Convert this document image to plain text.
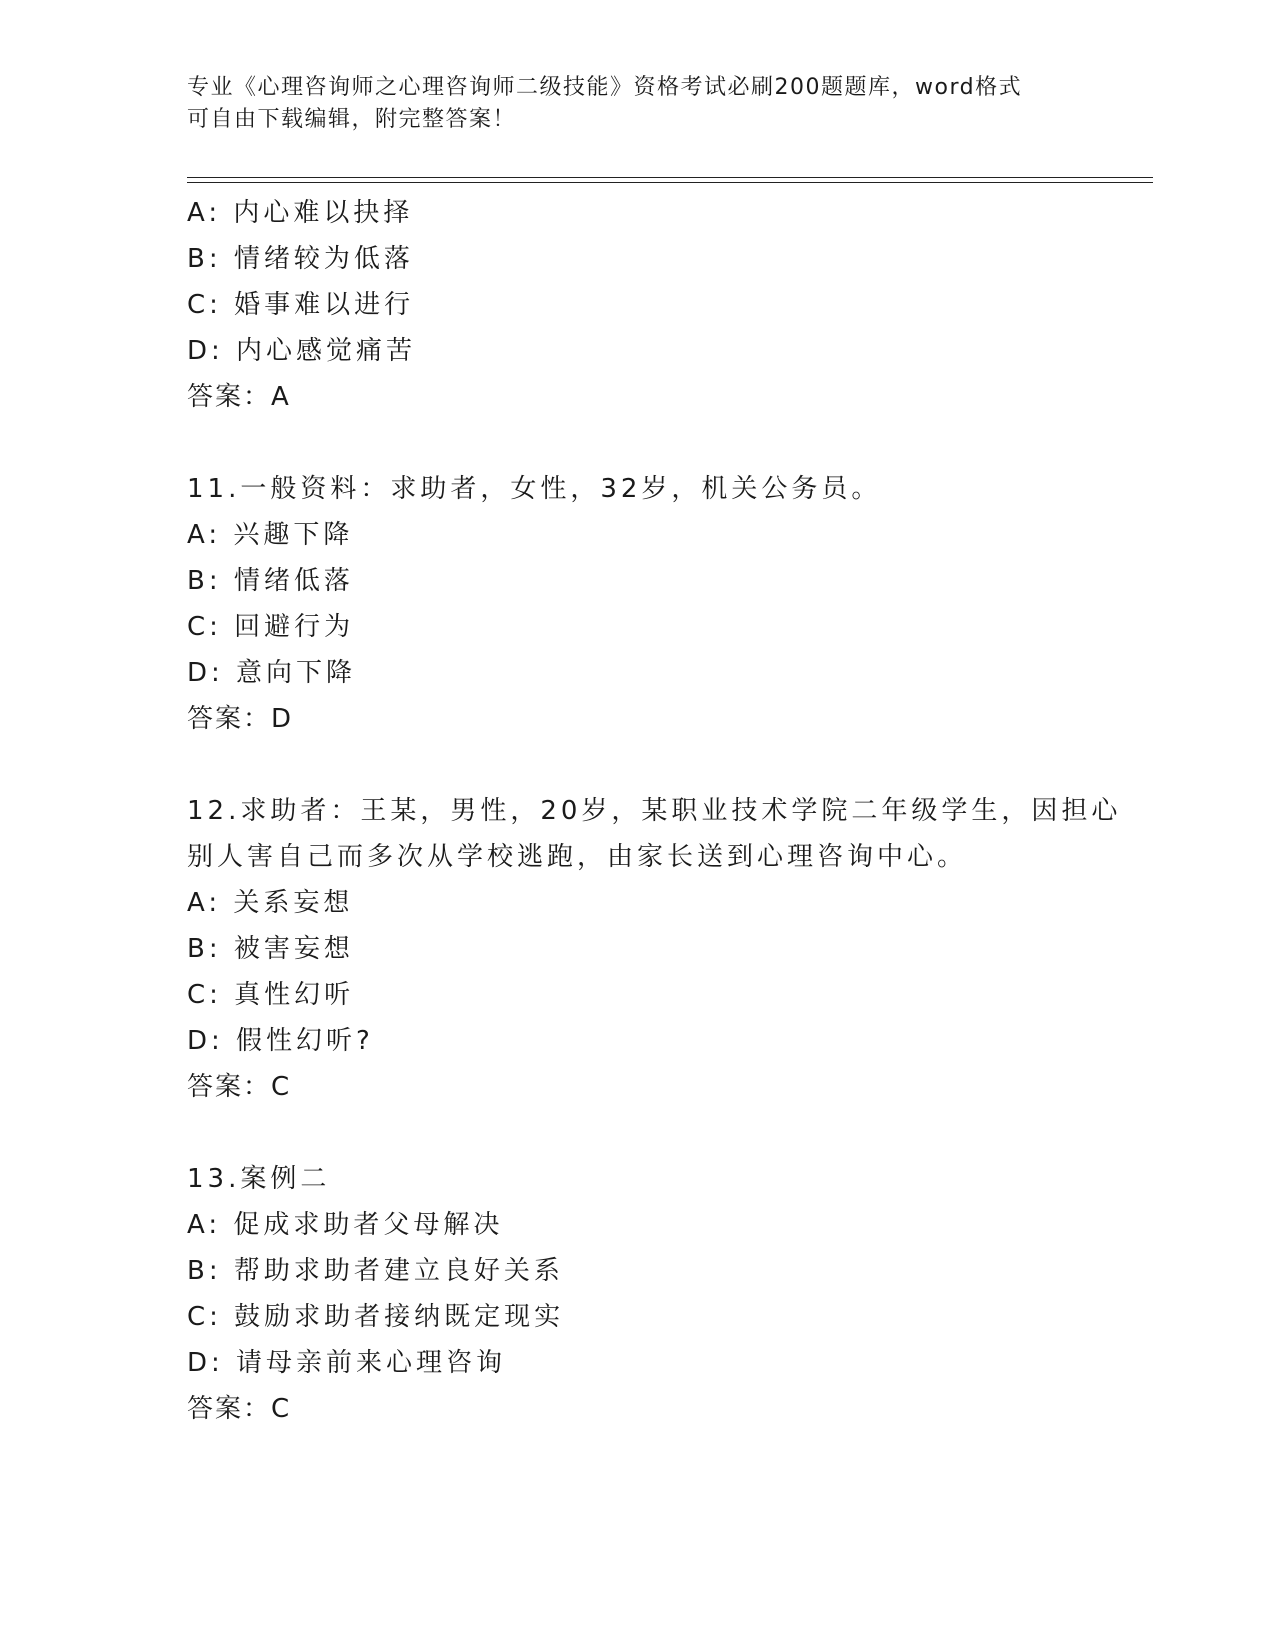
专业《心理咨询师之心理咨询师二级技能》资格考试必刷200题题库，word格式
可自由下载编辑，附完整答案！
A: 内心难以抉择
B: 情绪较为低落
C: 婚事难以进行
D: 内心感觉痛苦
答案：A
11.一般资料：求助者，女性，32岁，机关公务员。
A: 兴趣下降
B: 情绪低落
C: 回避行为
D: 意向下降
答案：D
12.求助者：王某，男性，20岁，某职业技术学院二年级学生，因担心
别人害自己而多次从学校逃跑，由家长送到心理咨询中心。
A: 关系妄想
B: 被害妄想
C: 真性幻听
D: 假性幻听?
答案：C
13.案例二
A: 促成求助者父母解决
B: 帮助求助者建立良好关系
C: 鼓励求助者接纳既定现实
D: 请母亲前来心理咨询
答案：C
